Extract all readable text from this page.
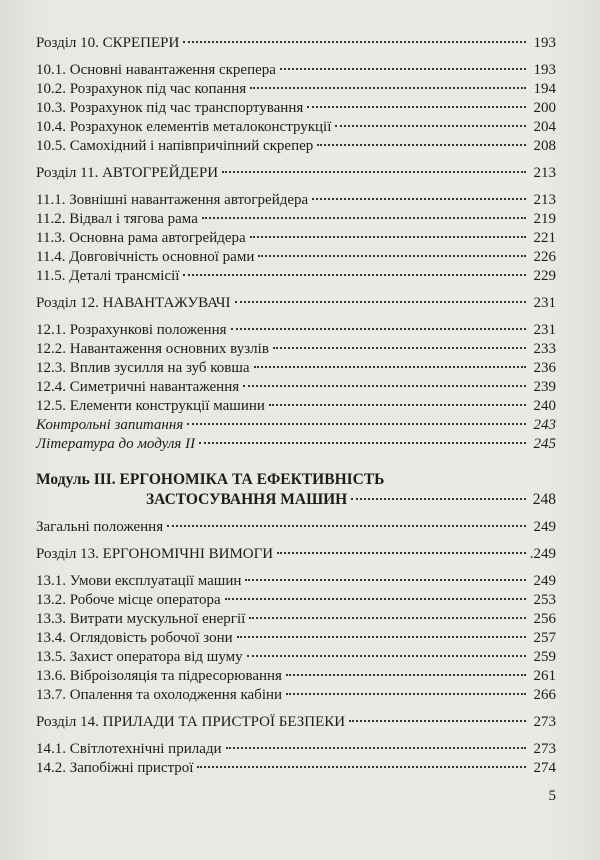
Розділ 10. СКРЕПЕРИ	193
10.1. Основні навантаження скрепера	193
10.2. Розрахунок під час копання	194
10.3. Розрахунок під час транспортування	200
10.4. Розрахунок елементів металоконструкції	204
10.5. Самохідний і напівпричіпний скрепер	208
Розділ 11. АВТОГРЕЙДЕРИ	213
11.1. Зовнішні навантаження автогрейдера	213
11.2. Відвал і тягова рама	219
11.3. Основна рама автогрейдера	221
11.4. Довговічність основної рами	226
11.5. Деталі трансмісії	229
Розділ 12. НАВАНТАЖУВАЧІ	231
12.1. Розрахункові положення	231
12.2. Навантаження основних вузлів	233
12.3. Вплив зусилля на зуб ковша	236
12.4. Симетричні навантаження	239
12.5. Елементи конструкції машини	240
Контрольні запитання	243
Література до модуля ІІ	245
Модуль ІІІ. ЕРГОНОМІКА ТА ЕФЕКТИВНІСТЬ
ЗАСТОСУВАННЯ МАШИН	248
Загальні положення	249
Розділ 13. ЕРГОНОМІЧНІ ВИМОГИ	.249
13.1. Умови експлуатації машин	249
13.2. Робоче місце оператора	253
13.3. Витрати мускульної енергії	256
13.4. Оглядовість робочої зони	257
13.5. Захист оператора від шуму	259
13.6. Віброізоляція та підресорювання	261
13.7. Опалення та охолодження кабіни	266
Розділ 14. ПРИЛАДИ ТА ПРИСТРОЇ БЕЗПЕКИ	273
14.1. Світлотехнічні прилади	273
14.2. Запобіжні пристрої	274
5
